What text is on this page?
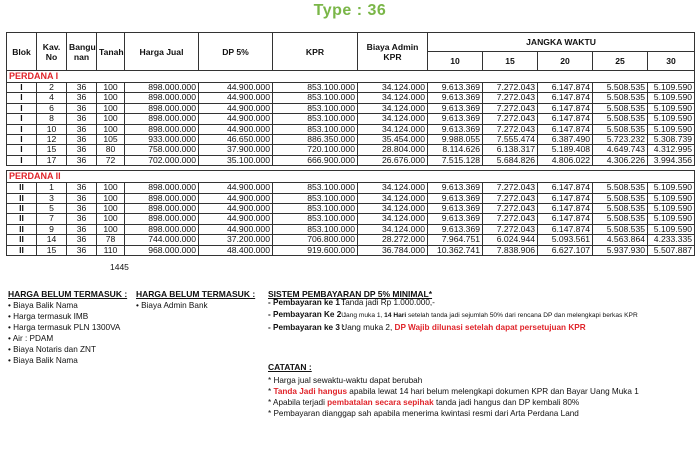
Type : 36
Blok	Kav. No	Bangu nan	Tanah	Harga Jual	DP 5%	KPR	Biaya Admin KPR	JANGKA WAKTU				
								10	15	20	25	30
PERDANA I												
I	2	36	100	898.000.000	44.900.000	853.100.000	34.124.000	9.613.369	7.272.043	6.147.874	5.508.535	5.109.590
I	4	36	100	898.000.000	44.900.000	853.100.000	34.124.000	9.613.369	7.272.043	6.147.874	5.508.535	5.109.590
I	6	36	100	898.000.000	44.900.000	853.100.000	34.124.000	9.613.369	7.272.043	6.147.874	5.508.535	5.109.590
I	8	36	100	898.000.000	44.900.000	853.100.000	34.124.000	9.613.369	7.272.043	6.147.874	5.508.535	5.109.590
I	10	36	100	898.000.000	44.900.000	853.100.000	34.124.000	9.613.369	7.272.043	6.147.874	5.508.535	5.109.590
I	12	36	105	933.000.000	46.650.000	886.350.000	35.454.000	9.988.055	7.555.474	6.387.490	5.723.232	5.308.739
I	15	36	80	758.000.000	37.900.000	720.100.000	28.804.000	8.114.626	6.138.317	5.189.408	4.649.743	4.312.995
I	17	36	72	702.000.000	35.100.000	666.900.000	26.676.000	7.515.128	5.684.826	4.806.022	4.306.226	3.994.356

PERDANA II												
II	1	36	100	898.000.000	44.900.000	853.100.000	34.124.000	9.613.369	7.272.043	6.147.874	5.508.535	5.109.590
II	3	36	100	898.000.000	44.900.000	853.100.000	34.124.000	9.613.369	7.272.043	6.147.874	5.508.535	5.109.590
II	5	36	100	898.000.000	44.900.000	853.100.000	34.124.000	9.613.369	7.272.043	6.147.874	5.508.535	5.109.590
II	7	36	100	898.000.000	44.900.000	853.100.000	34.124.000	9.613.369	7.272.043	6.147.874	5.508.535	5.109.590
II	9	36	100	898.000.000	44.900.000	853.100.000	34.124.000	9.613.369	7.272.043	6.147.874	5.508.535	5.109.590
II	14	36	78	744.000.000	37.200.000	706.800.000	28.272.000	7.964.751	6.024.944	5.093.561	4.563.864	4.233.335
II	15	36	110	968.000.000	48.400.000	919.600.000	36.784.000	10.362.741	7.838.906	6.627.107	5.937.930	5.507.887
1445
HARGA BELUM TERMASUK :
• Biaya Balik Nama
• Harga termasuk IMB
• Harga termasuk PLN 1300VA
• Air : PDAM
• Biaya Notaris dan ZNT
• Biaya Balik Nama
HARGA BELUM TERMASUK :
• Biaya Admin Bank
SISTEM PEMBAYARAN DP 5% MINIMAL*
- Pembayaran ke 1 : Tanda jadi Rp 1.000.000,-
- Pembayaran Ke 2 : Uang muka 1, 14 Hari setelah tanda jadi sejumlah 50% dari rencana DP dan melengkapi berkas KPR
- Pembayaran ke 3 : Uang muka 2, DP Wajib dilunasi setelah dapat persetujuan KPR
CATATAN :
* Harga jual sewaktu-waktu dapat berubah
* Tanda Jadi hangus apabila lewat 14 hari belum melengkapi dokumen KPR dan Bayar Uang Muka 1
* Apabila terjadi pembatalan secara sepihak tanda jadi hangus dan DP kembali 80%
* Pembayaran dianggap sah apabila menerima kwintasi resmi dari Arta Perdana Land
